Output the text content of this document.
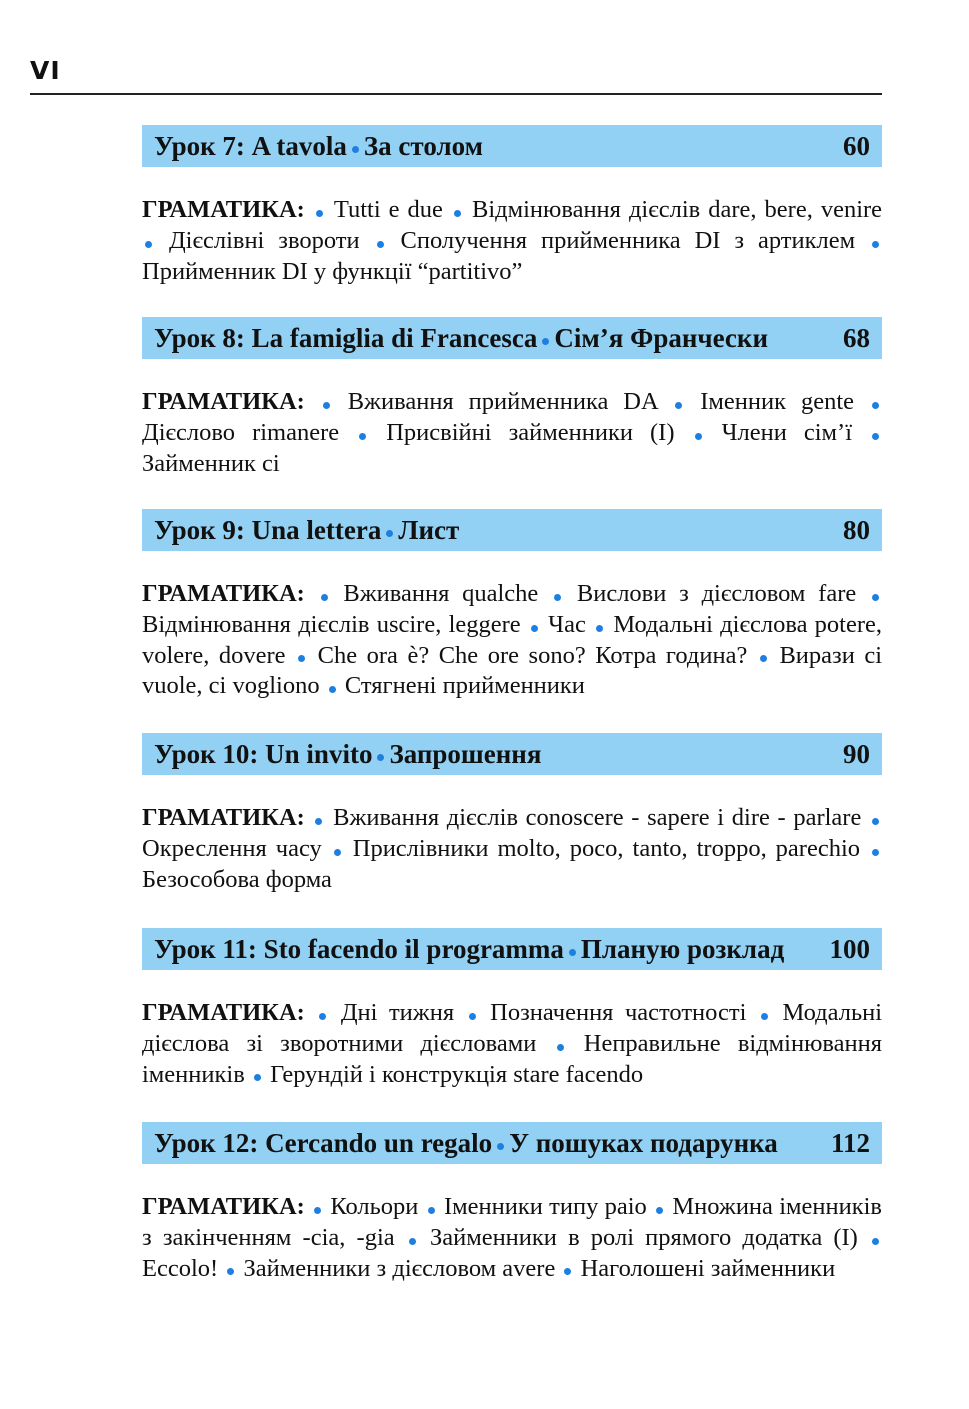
VI
Урок 7: A tavola За столом	60
ГРАМАТИКА: Tutti e due Відмінювання дієслів dare, bere, venire  Дієслівні звороти Сполучення прийменника DI з артиклем  Прийменник DI у функції “partitivo”
Урок 8: La famiglia di Francesca Сім’я Франчески	68
ГРАМАТИКА: Вживання прийменника DA Іменник gente  Дієслово rimanere Присвійні займенники (I) Члени сім’ї  Займенник ci
Урок 9: Una lettera Лист	80
ГРАМАТИКА: Вживання qualche Вислови з дієсловом fare  Відмінювання дієслів uscire, leggere Час Модальні дієслова potere, volere, dovere Che ora è? Che ore sono? Котра година? Вирази ci vuole, ci vogliono Стягнені прийменники
Урок 10: Un invito Запрошення	90
ГРАМАТИКА: Вживання дієслів conoscere - sapere і dire - parlare  Окреслення часу Прислівники molto, poco, tanto, troppo, parechio  Безособова форма
Урок 11: Sto facendo il programma Планую розклад	100
ГРАМАТИКА: Дні тижня Позначення частотності Модальні дієслова зі зворотними дієсловами Неправильне відмінювання іменників Герундій і конструкція stare facendo
Урок 12: Cercando un regalo У пошуках подарунка	112
ГРАМАТИКА: Кольори Іменники типу paio Множина іменників з закінченням -cia, -gia Займенники в ролі прямого додатка (I)  Eccolo! Займенники з дієсловом avere Наголошені займенники
